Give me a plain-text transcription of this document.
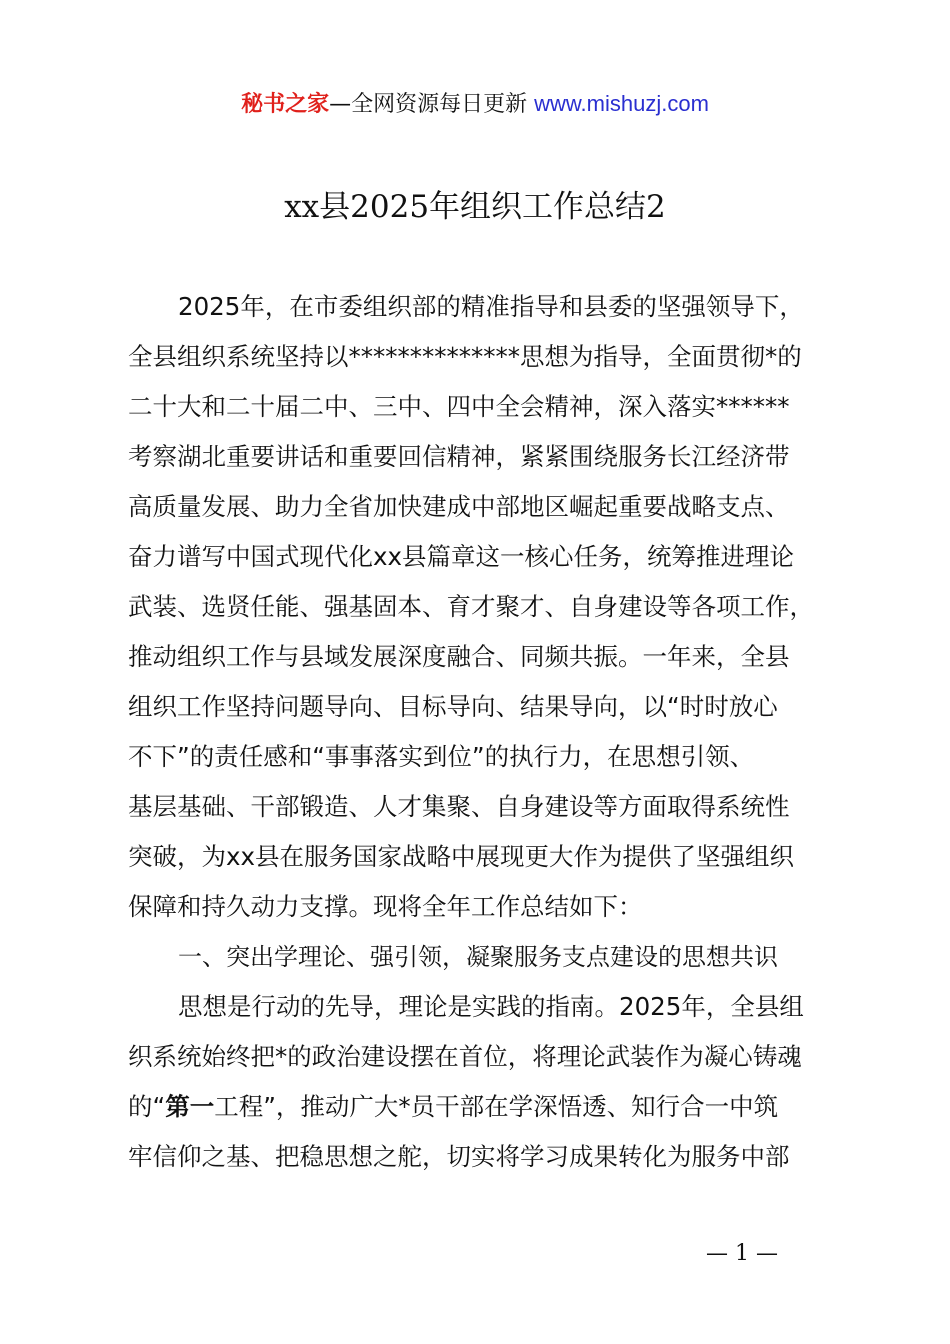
秘书之家—全网资源每日更新 www.mishuzj.com
xx县2025年组织工作总结2
2025年，在市委组织部的精准指导和县委的坚强领导下，
全县组织系统坚持以**************思想为指导，全面贯彻*的
二十大和二十届二中、三中、四中全会精神，深入落实******
考察湖北重要讲话和重要回信精神，紧紧围绕服务长江经济带
高质量发展、助力全省加快建成中部地区崛起重要战略支点、
奋力谱写中国式现代化xx县篇章这一核心任务，统筹推进理论
武装、选贤任能、强基固本、育才聚才、自身建设等各项工作，
推动组织工作与县域发展深度融合、同频共振。一年来，全县
组织工作坚持问题导向、目标导向、结果导向，以“时时放心
不下”的责任感和“事事落实到位”的执行力，在思想引领、
基层基础、干部锻造、人才集聚、自身建设等方面取得系统性
突破，为xx县在服务国家战略中展现更大作为提供了坚强组织
保障和持久动力支撑。现将全年工作总结如下：
一、突出学理论、强引领，凝聚服务支点建设的思想共识
思想是行动的先导，理论是实践的指南。2025年，全县组
织系统始终把*的政治建设摆在首位，将理论武装作为凝心铸魂
的“第一工程”，推动广大*员干部在学深悟透、知行合一中筑
牢信仰之基、把稳思想之舵，切实将学习成果转化为服务中部
— 1 —
